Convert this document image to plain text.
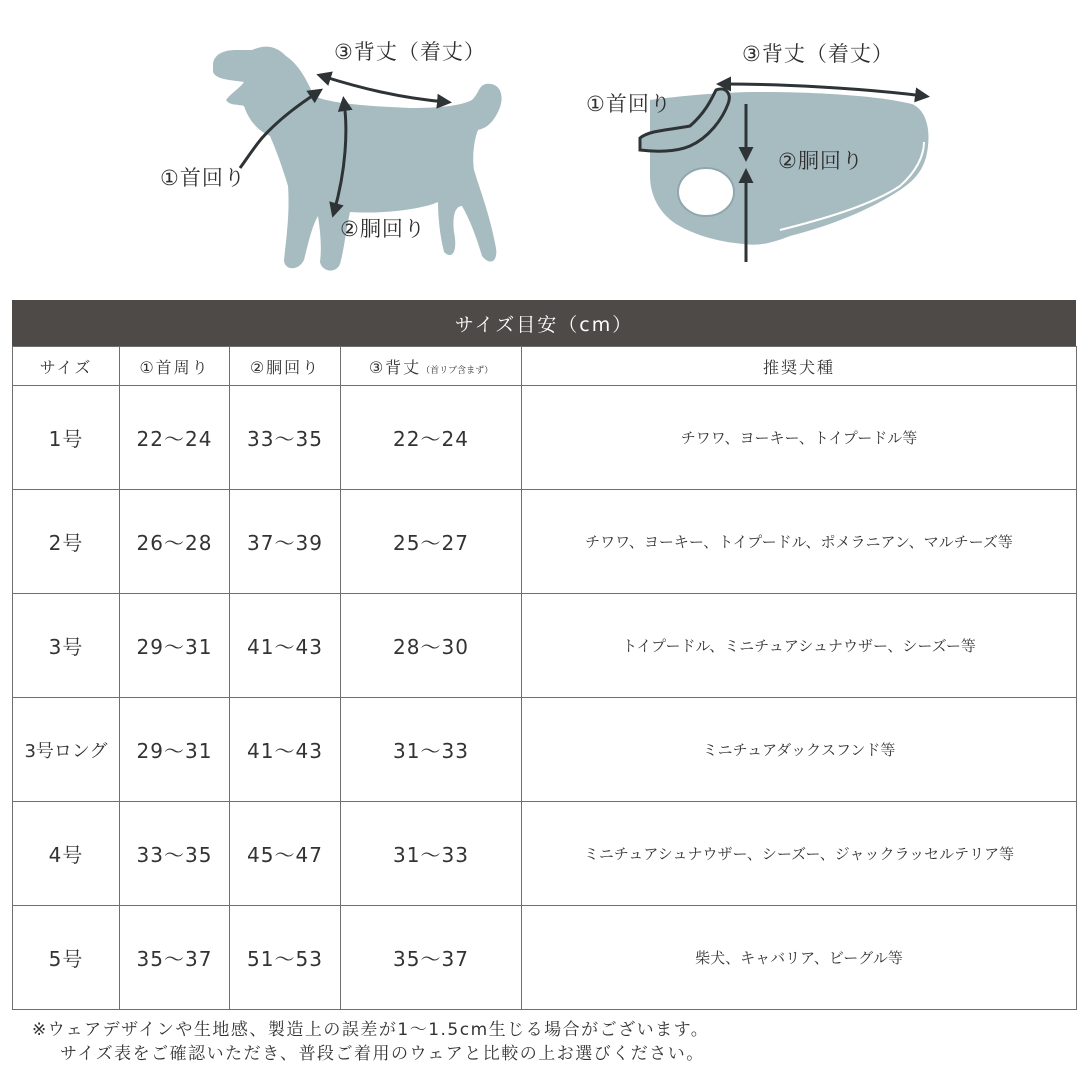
③背丈（着丈）
①首回り
②胴回り
③背丈（着丈）
①首回り
②胴回り
サイズ目安（cm）
サイズ	①首周り	②胴回り	③背丈（首リブ含まず）	推奨犬種
1号	22～24	33～35	22～24	チワワ、ヨーキー、トイプードル等
2号	26～28	37～39	25～27	チワワ、ヨーキー、トイプードル、ポメラニアン、マルチーズ等
3号	29～31	41～43	28～30	トイプードル、ミニチュアシュナウザー、シーズー等
3号ロング	29～31	41～43	31～33	ミニチュアダックスフンド等
4号	33～35	45～47	31～33	ミニチュアシュナウザー、シーズー、ジャックラッセルテリア等
5号	35～37	51～53	35～37	柴犬、キャバリア、ビーグル等
※ウェアデザインや生地感、製造上の誤差が1～1.5cm生じる場合がございます。
サイズ表をご確認いただき、普段ご着用のウェアと比較の上お選びください。
